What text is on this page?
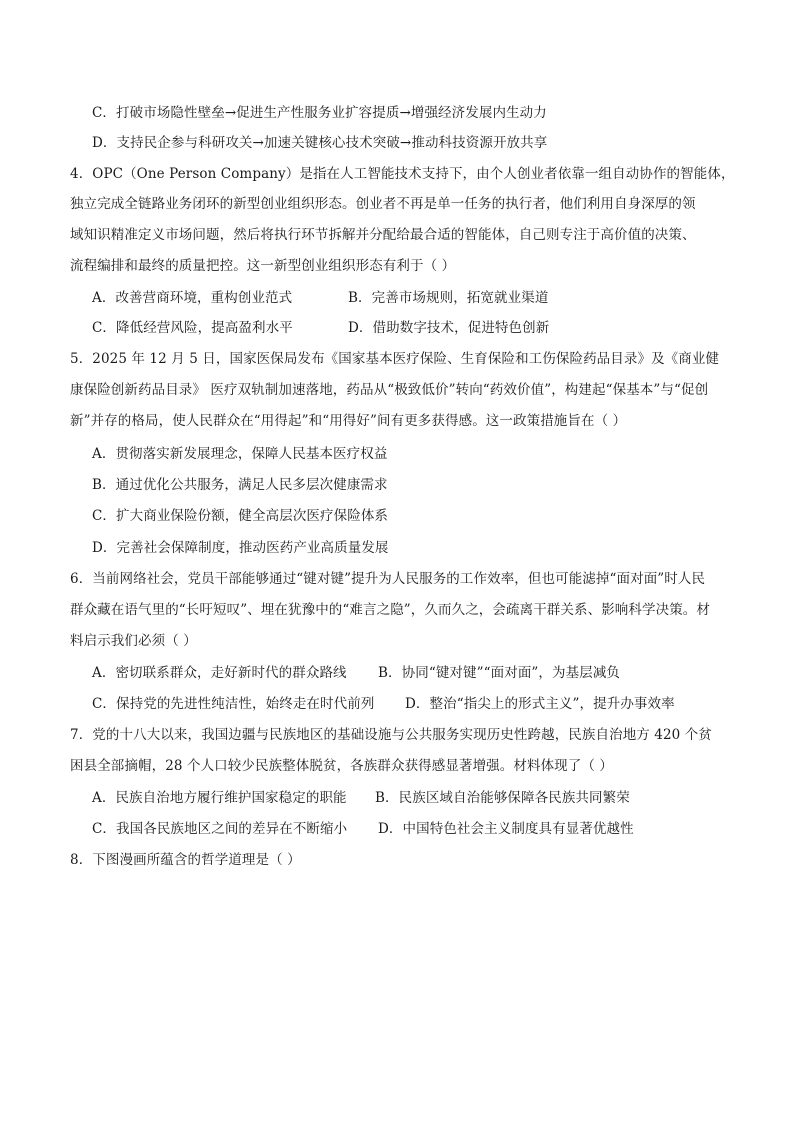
C．打破市场隐性壁垒→促进生产性服务业扩容提质→增强经济发展内生动力
D．支持民企参与科研攻关→加速关键核心技术突破→推动科技资源开放共享
4．OPC（One Person Company）是指在人工智能技术支持下，由个人创业者依靠一组自动协作的智能体，
独立完成全链路业务闭环的新型创业组织形态。创业者不再是单一任务的执行者，他们利用自身深厚的领
域知识精准定义市场问题，然后将执行环节拆解并分配给最合适的智能体，自己则专注于高价值的决策、
流程编排和最终的质量把控。这一新型创业组织形态有利于（ ）
A．改善营商环境，重构创业范式	B．完善市场规则，拓宽就业渠道
C．降低经营风险，提高盈利水平	D．借助数字技术，促进特色创新
5．2025 年 12 月 5 日，国家医保局发布《国家基本医疗保险、生育保险和工伤保险药品目录》及《商业健
康保险创新药品目录》 医疗双轨制加速落地，药品从“极致低价”转向“药效价值”，构建起“保基本”与“促创
新”并存的格局，使人民群众在“用得起”和“用得好”间有更多获得感。这一政策措施旨在（ ）
A．贯彻落实新发展理念，保障人民基本医疗权益
B．通过优化公共服务，满足人民多层次健康需求
C．扩大商业保险份额，健全高层次医疗保险体系
D．完善社会保障制度，推动医药产业高质量发展
6．当前网络社会，党员干部能够通过“键对键”提升为人民服务的工作效率，但也可能滤掉“面对面”时人民
群众藏在语气里的“长吁短叹”、埋在犹豫中的“难言之隐”，久而久之，会疏离干群关系、影响科学决策。材
料启示我们必须（ ）
A．密切联系群众，走好新时代的群众路线 B．协同“键对键”“面对面”，为基层减负
C．保持党的先进性纯洁性，始终走在时代前列 D．整治“指尖上的形式主义”，提升办事效率
7．党的十八大以来，我国边疆与民族地区的基础设施与公共服务实现历史性跨越，民族自治地方 420 个贫
困县全部摘帽，28 个人口较少民族整体脱贫，各族群众获得感显著增强。材料体现了（ ）
A．民族自治地方履行维护国家稳定的职能 B．民族区域自治能够保障各民族共同繁荣
C．我国各民族地区之间的差异在不断缩小 D．中国特色社会主义制度具有显著优越性
8．下图漫画所蕴含的哲学道理是（ ）
